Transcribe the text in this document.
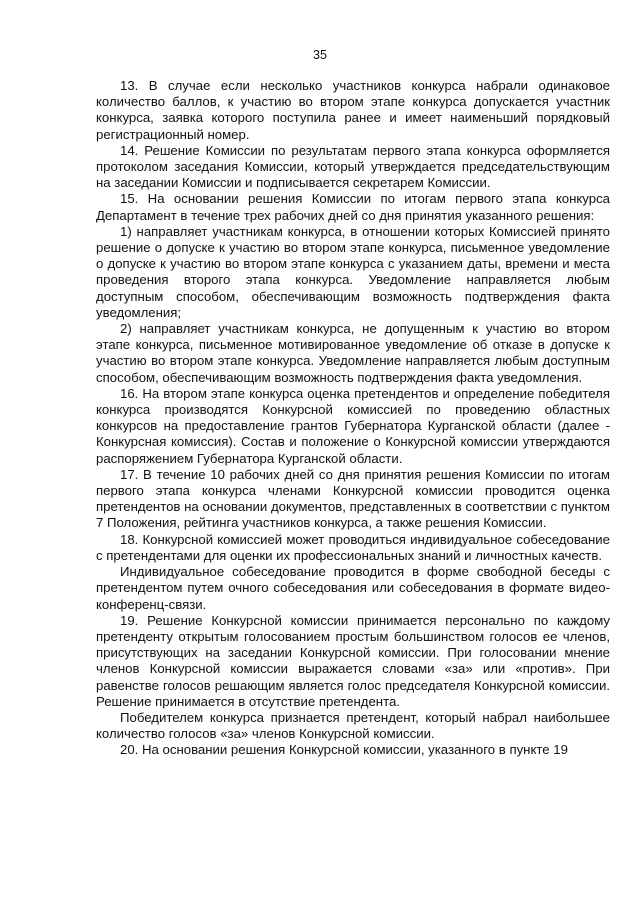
35

13. В случае если несколько участников конкурса набрали одинаковое количество баллов, к участию во втором этапе конкурса допускается участник конкурса, заявка которого поступила ранее и имеет наименьший порядковый регистрационный номер.

14. Решение Комиссии по результатам первого этапа конкурса оформляется протоколом заседания Комиссии, который утверждается председательствующим на заседании Комиссии и подписывается секретарем Комиссии.

15. На основании решения Комиссии по итогам первого этапа конкурса Департамент в течение трех рабочих дней со дня принятия указанного решения:

1) направляет участникам конкурса, в отношении которых Комиссией принято решение о допуске к участию во втором этапе конкурса, письменное уведомление о допуске к участию во втором этапе конкурса с указанием даты, времени и места проведения второго этапа конкурса. Уведомление направляется любым доступным способом, обеспечивающим возможность подтверждения факта уведомления;

2) направляет участникам конкурса, не допущенным к участию во втором этапе конкурса, письменное мотивированное уведомление об отказе в допуске к участию во втором этапе конкурса. Уведомление направляется любым доступным способом, обеспечивающим возможность подтверждения факта уведомления.

16. На втором этапе конкурса оценка претендентов и определение победителя конкурса производятся Конкурсной комиссией по проведению областных конкурсов на предоставление грантов Губернатора Курганской области (далее - Конкурсная комиссия). Состав и положение о Конкурсной комиссии утверждаются распоряжением Губернатора Курганской области.

17. В течение 10 рабочих дней со дня принятия решения Комиссии по итогам первого этапа конкурса членами Конкурсной комиссии проводится оценка претендентов на основании документов, представленных в соответствии с пунктом 7 Положения, рейтинга участников конкурса, а также решения Комиссии.

18. Конкурсной комиссией может проводиться индивидуальное собеседование с претендентами для оценки их профессиональных знаний и личностных качеств.

Индивидуальное собеседование проводится в форме свободной беседы с претендентом путем очного собеседования или собеседования в формате видео-конференц-связи.

19. Решение Конкурсной комиссии принимается персонально по каждому претенденту открытым голосованием простым большинством голосов ее членов, присутствующих на заседании Конкурсной комиссии. При голосовании мнение членов Конкурсной комиссии выражается словами «за» или «против». При равенстве голосов решающим является голос председателя Конкурсной комиссии. Решение принимается в отсутствие претендента.

Победителем конкурса признается претендент, который набрал наибольшее количество голосов «за» членов Конкурсной комиссии.

20. На основании решения Конкурсной комиссии, указанного в пункте 19
